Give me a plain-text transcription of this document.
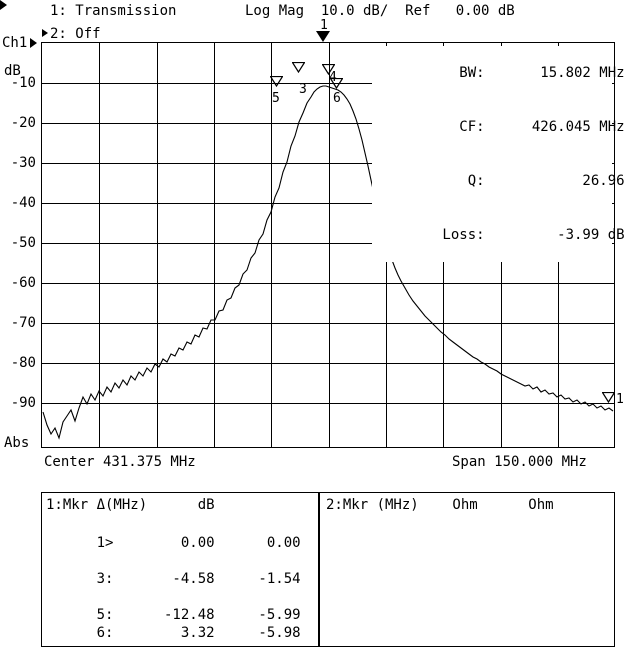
1: Transmission
2: Off
Log Mag  10.0 dB/  Ref   0.00 dB
Ch1
dB
Abs
-10
-20
-30
-40
-50
-60
-70
-80
-90
1
3
4
5	6
1

BW:	15.802 MHz

CF:	426.045 MHz

Q:	26.96

Loss:	-3.99 dB

Center 431.375 MHz	Span 150.000 MHz
1:Mkr Δ(MHz)      dB

1>	0.00	0.00

3:	-4.58	-1.54

5:	-12.48	-5.99

6:	3.32	-5.98

2:Mkr (MHz)    Ohm      Ohm
